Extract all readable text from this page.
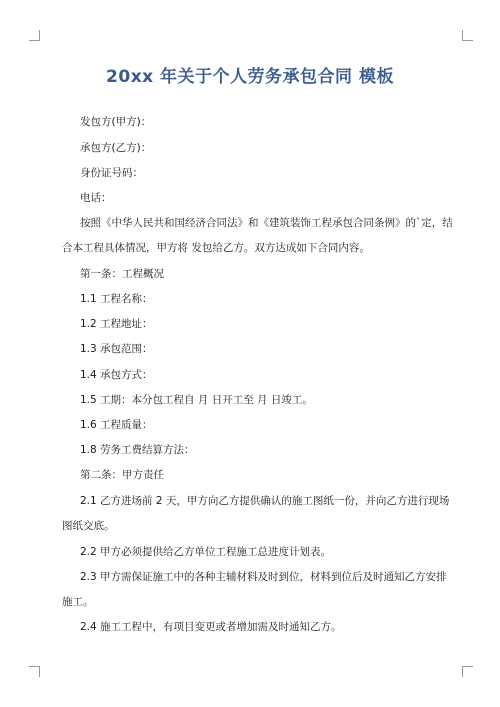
20xx 年关于个人劳务承包合同 模板
发包方(甲方)：
承包方(乙方)：
身份证号码：
电话：
按照《中华人民共和国经济合同法》和《建筑装饰工程承包合同条例》的`定，结
合本工程具体情况，甲方将 发包给乙方。双方达成如下合同内容。
第一条：工程概况
1.1 工程名称：
1.2 工程地址：
1.3 承包范围：
1.4 承包方式：
1.5 工期：本分包工程自 月 日开工至 月 日竣工。
1.6 工程质量：
1.8 劳务工费结算方法：
第二条：甲方责任
2.1 乙方进场前 2 天，甲方向乙方提供确认的施工图纸一份，并向乙方进行现场
图纸交底。
2.2 甲方必须提供给乙方单位工程施工总进度计划表。
2.3 甲方需保证施工中的各种主辅材料及时到位，材料到位后及时通知乙方安排
施工。
2.4 施工工程中，有项目变更或者增加需及时通知乙方。
